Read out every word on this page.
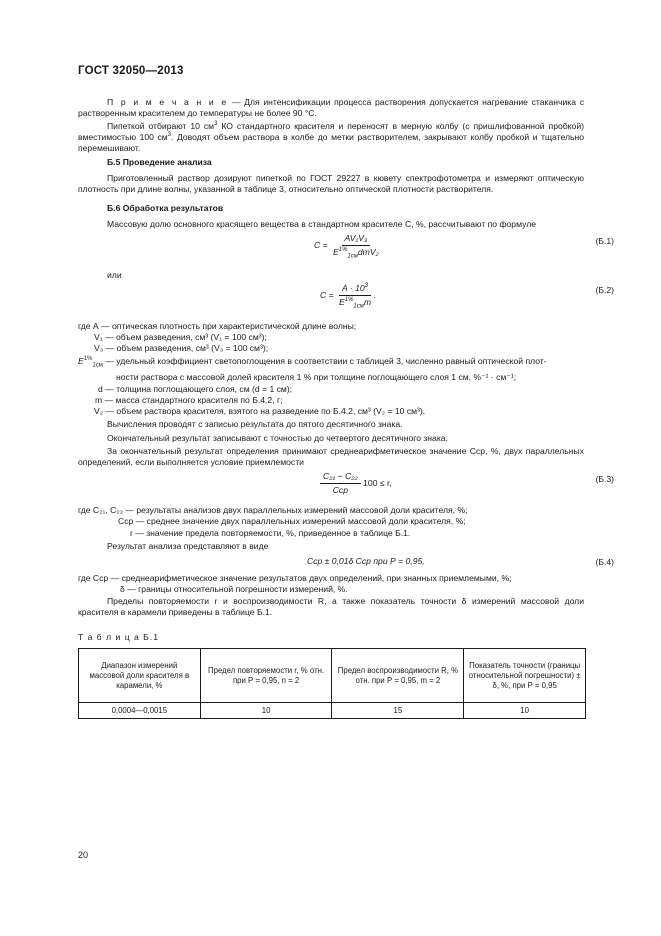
ГОСТ 32050—2013
П р и м е ч а н и е — Для интенсификации процесса растворения допускается нагревание стаканчика с растворенным красителем до температуры не более 90 °С.
Пипеткой отбирают 10 $см^3$ КО стандартного красителя и переносят в мерную колбу (с пришлифованной пробкой) вместимостью 100 $см^3$. Доводят объем раствора в колбе до метки растворителем, закрывают колбу пробкой и тщательно перемешивают.
Б.5 Проведение анализа
Приготовленный раствор дозируют пипеткой по ГОСТ 29227 в кювету спектрофотометра и измеряют оптическую плотность при длине волны, указанной в таблице 3, относительно оптической плотности растворителя.
Б.6 Обработка результатов
Массовую долю основного красящего вещества в стандартном красителе С, %, рассчитывают по формуле
$С = \frac{\text{AV₁V₃}}{E^{1\%}_{1см}dmV_2}$	(Б.1)
или
$С = \frac{A \cdot 10^3}{E^{1\%}_{1см}m}$ .	(Б.2)
где А — оптическая плотность при характеристической длине волны;
V₁ — объем разведения, см³ (V₁ = 100 см³);
V₃ — объем разведения, см³ (V₃ = 100 см³);
$E^{1\%}_{1см}$ — удельный коэффициент светопоглощения в соответствии с таблицей 3, численно равный оптической плот-
ности раствора с массовой долей красителя 1 % при толщине поглощающего слоя 1 см, %⁻¹ · см⁻¹;
d — толщина поглощающего слоя, см (d = 1 см);
m — масса стандартного красителя по Б.4.2, г;
V₂ — объем раствора красителя, взятого на разведение по Б.4.2, см³ (V₂ = 10 см³).
Вычисления проводят с записью результата до пятого десятичного знака.
Окончательный результат записывают с точностью до четвертого десятичного знака.
За окончательный результат определения принимают среднеарифметическое значение Сср, %, двух параллельных определений, если выполняется условие приемлемости
$\frac{\text{С₂₁ − С₂₂}}{\text{Сср}} 100 \le r$,	(Б.3)
где С₂₁, С₂₂ — результаты анализов двух параллельных измерений массовой доли красителя, %;
Сср — среднее значение двух параллельных измерений массовой доли красителя, %;
r — значение предела повторяемости, %, приведенное в таблице Б.1.
Результат анализа представляют в виде
Сср ± 0,01δ Сср при Р = 0,95,	(Б.4)
где Сср — среднеарифметическое значение результатов двух определений, при знанных приемлемыми, %;
δ — границы относительной погрешности измерений, %.
Пределы повторяемости r и воспроизводимости R, а также показатель точности δ измерений массовой доли красителя в карамели приведены в таблице Б.1.
Т а б л и ц а Б.1
Диапазон измерений массовой доли красителя в карамели, %	Предел повторяемости r, % отн. при Р = 0,95, n = 2	Предел воспроизводимости R, % отн. при Р = 0,95, m = 2	Показатель точности (границы относительной погрешности) ± δ, %, при Р = 0,95
0,0004—0,0015	10	15	10
20
